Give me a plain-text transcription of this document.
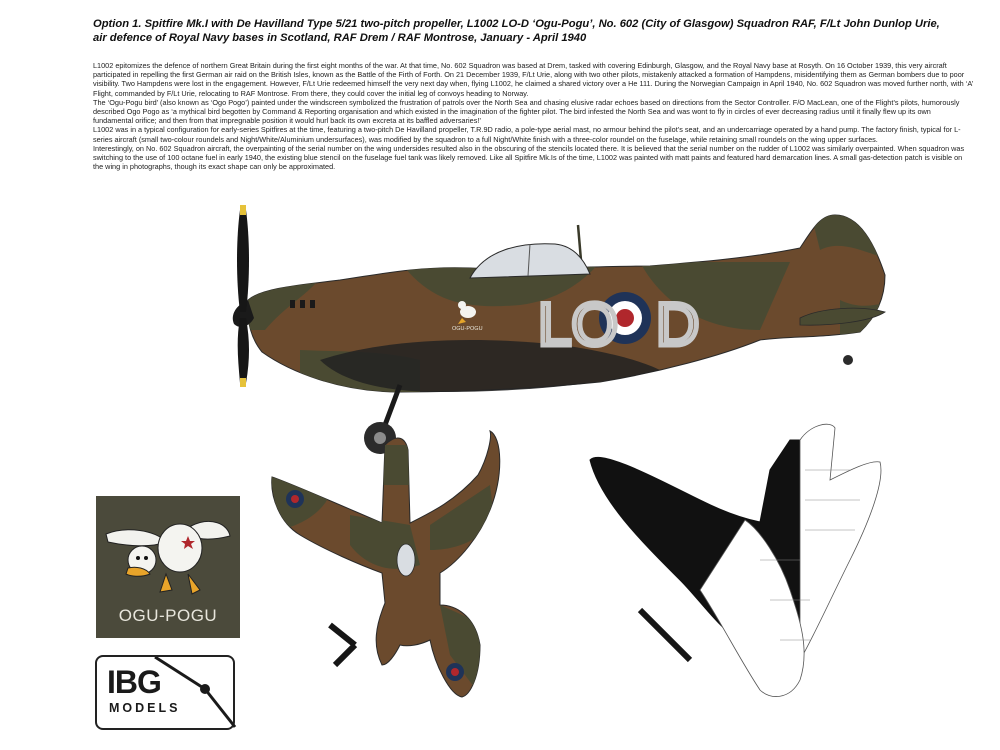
Option 1. Spitfire Mk.I with De Havilland Type 5/21 two-pitch propeller, L1002 LO-D ‘Ogu-Pogu’, No. 602 (City of Glasgow) Squadron RAF, F/Lt John Dunlop Urie,
air defence of Royal Navy bases in Scotland, RAF Drem / RAF Montrose, January - April 1940

L1002 epitomizes the defence of northern Great Britain during the first eight months of the war. At that time, No. 602 Squadron was based at Drem, tasked with covering Edinburgh, Glasgow, and the Royal Navy base at Rosyth. On 16 October 1939, this very aircraft participated in repelling the first German air raid on the British Isles, known as the Battle of the Firth of Forth. On 21 December 1939, F/Lt Urie, along with two other pilots, mistakenly attacked a formation of Hampdens, misidentifying them as German bombers due to poor visibility. Two Hampdens were lost in the engagement. However, F/Lt Urie redeemed himself the very next day when, flying L1002, he claimed a shared victory over a He 111. During the Norwegian Campaign in April 1940, No. 602 Squadron was moved further north, with ‘A’ Flight, commanded by F/Lt Urie, relocating to RAF Montrose. From there, they could cover the initial leg of convoys heading to Norway.

The ‘Ogu-Pogu bird’ (also known as ‘Ogo Pogo’) painted under the windscreen symbolized the frustration of patrols over the North Sea and chasing elusive radar echoes based on directions from the Sector Controller. F/O MacLean, one of the Flight’s pilots, humorously described Ogo Pogo as ‘a mythical bird begotten by Command & Reporting organisation and which existed in the imagination of the fighter pilot. The bird infested the North Sea and was wont to fly in circles of ever decreasing radius until it finally flew up its own fundamental orifice; and then from that impregnable position it would hurl back its own excreta at its baffled adversaries!’

L1002 was in a typical configuration for early-series Spitfires at the time, featuring a two-pitch De Havilland propeller, T.R.9D radio, a pole-type aerial mast, no armour behind the pilot’s seat, and an undercarriage operated by a hand pump. The factory finish, typical for L-series aircraft (small two-colour roundels and Night/White/Aluminium undersurfaces), was modified by the squadron to a full Night/White finish with a three-color roundel on the fuselage, while retaining small roundels on the wing upper surfaces.

Interestingly, on No. 602 Squadron aircraft, the overpainting of the serial number on the wing undersides resulted also in the obscuring of the stencils located there. It is believed that the serial number on the rudder of L1002 was similarly overpainted. When squadron was switching to the use of 100 octane fuel in early 1940, the existing blue stencil on the fuselage fuel tank was likely removed. Like all Spitfire Mk.Is of the time, L1002 was painted with matt paints and featured hard demarcation lines. A small gas-detection patch is visible on the wing in photographs, though its exact shape can only be approximated.

LO D
OGU-POGU
OGU-POGU
IBG
MODELS
